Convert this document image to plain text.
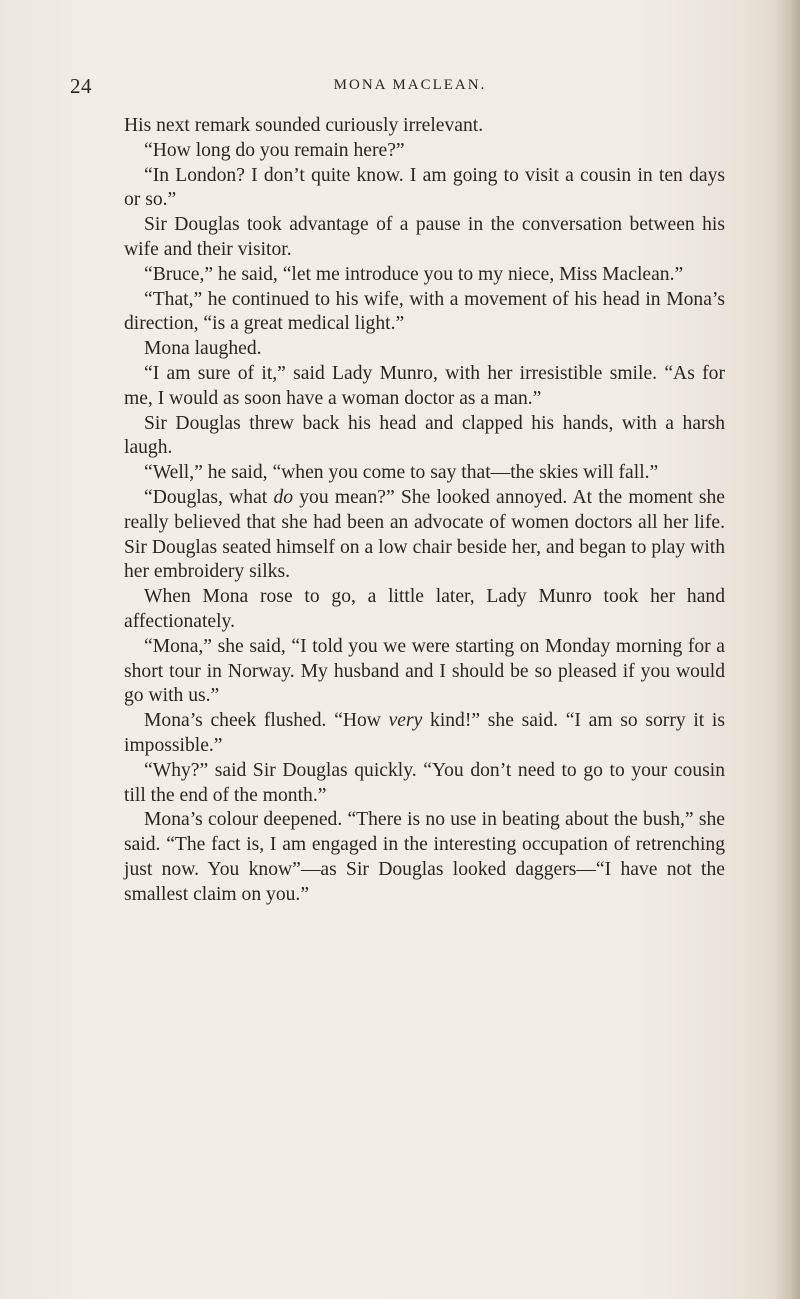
24	MONA MACLEAN.

His next remark sounded curiously irrelevant.

“How long do you remain here?”

“In London? I don’t quite know. I am going to visit a cousin in ten days or so.”

Sir Douglas took advantage of a pause in the conversation between his wife and their visitor.

“Bruce,” he said, “let me introduce you to my niece, Miss Maclean.”

“That,” he continued to his wife, with a movement of his head in Mona’s direction, “is a great medical light.”

Mona laughed.

“I am sure of it,” said Lady Munro, with her irresistible smile. “As for me, I would as soon have a woman doctor as a man.”

Sir Douglas threw back his head and clapped his hands, with a harsh laugh.

“Well,” he said, “when you come to say that—the skies will fall.”

“Douglas, what do you mean?” She looked annoyed. At the moment she really believed that she had been an advocate of women doctors all her life. Sir Douglas seated himself on a low chair beside her, and began to play with her embroidery silks.

When Mona rose to go, a little later, Lady Munro took her hand affectionately.

“Mona,” she said, “I told you we were starting on Monday morning for a short tour in Norway. My husband and I should be so pleased if you would go with us.”

Mona’s cheek flushed. “How very kind!” she said. “I am so sorry it is impossible.”

“Why?” said Sir Douglas quickly. “You don’t need to go to your cousin till the end of the month.”

Mona’s colour deepened. “There is no use in beating about the bush,” she said. “The fact is, I am engaged in the interesting occupation of retrenching just now. You know”—as Sir Douglas looked daggers—“I have not the smallest claim on you.”
